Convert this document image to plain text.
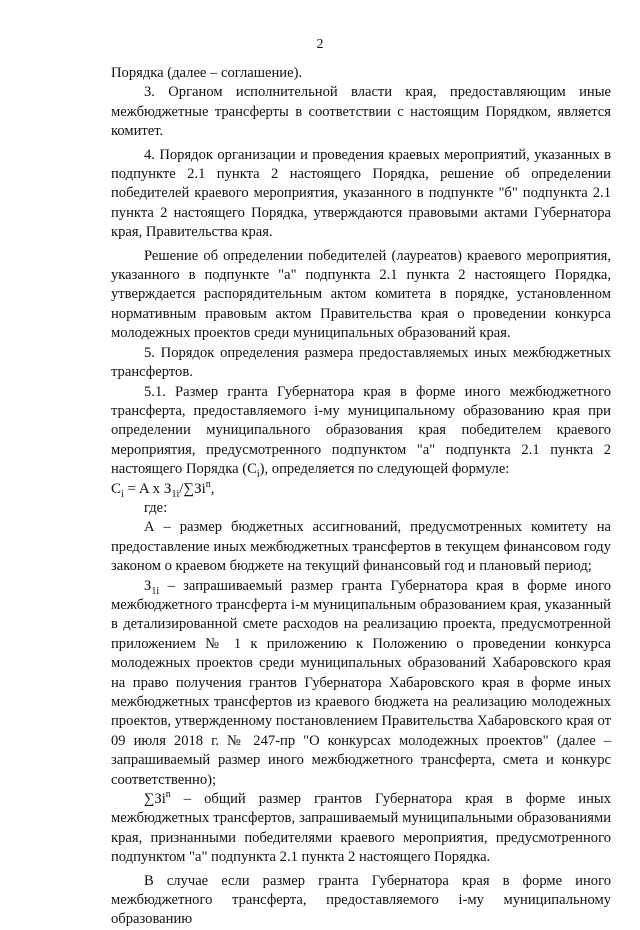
2

Порядка (далее – соглашение).

3. Органом исполнительной власти края, предоставляющим иные межбюджетные трансферты в соответствии с настоящим Порядком, является комитет.

4. Порядок организации и проведения краевых мероприятий, указанных в подпункте 2.1 пункта 2 настоящего Порядка, решение об определении победителей краевого мероприятия, указанного в подпункте "б" подпункта 2.1 пункта 2 настоящего Порядка, утверждаются правовыми актами Губернатора края, Правительства края.

Решение об определении победителей (лауреатов) краевого мероприятия, указанного в подпункте "а" подпункта 2.1 пункта 2 настоящего Порядка, утверждается распорядительным актом комитета в порядке, установленном нормативным правовым актом Правительства края о проведении конкурса молодежных проектов среди муниципальных образований края.

5. Порядок определения размера предоставляемых иных межбюджетных трансфертов.

5.1. Размер гранта Губернатора края в форме иного межбюджетного трансферта, предоставляемого i-му муниципальному образованию края при определении муниципального образования края победителем краевого мероприятия, предусмотренного подпунктом "а" подпункта 2.1 пункта 2 настоящего Порядка $(C_i)$, определяется по следующей формуле:

$C_i = A$ x $З_{1i}/\sum Зi^n$,

где:

А – размер бюджетных ассигнований, предусмотренных комитету на предоставление иных межбюджетных трансфертов в текущем финансовом году законом о краевом бюджете на текущий финансовый год и плановый период;

$З_{1i}$ – запрашиваемый размер гранта Губернатора края в форме иного межбюджетного трансферта i-м муниципальным образованием края, указанный в детализированной смете расходов на реализацию проекта, предусмотренной приложением № 1 к приложению к Положению о проведении конкурса молодежных проектов среди муниципальных образований Хабаровского края на право получения грантов Губернатора Хабаровского края в форме иных межбюджетных трансфертов из краевого бюджета на реализацию молодежных проектов, утвержденному постановлением Правительства Хабаровского края от 09 июля 2018 г. № 247-пр "О конкурсах молодежных проектов" (далее – запрашиваемый размер иного межбюджетного трансферта, смета и конкурс соответственно);

$\sum Зi^n$ – общий размер грантов Губернатора края в форме иных межбюджетных трансфертов, запрашиваемый муниципальными образованиями края, признанными победителями краевого мероприятия, предусмотренного подпунктом "а" подпункта 2.1 пункта 2 настоящего Порядка.

В случае если размер гранта Губернатора края в форме иного межбюджетного трансферта, предоставляемого i-му муниципальному образованию
